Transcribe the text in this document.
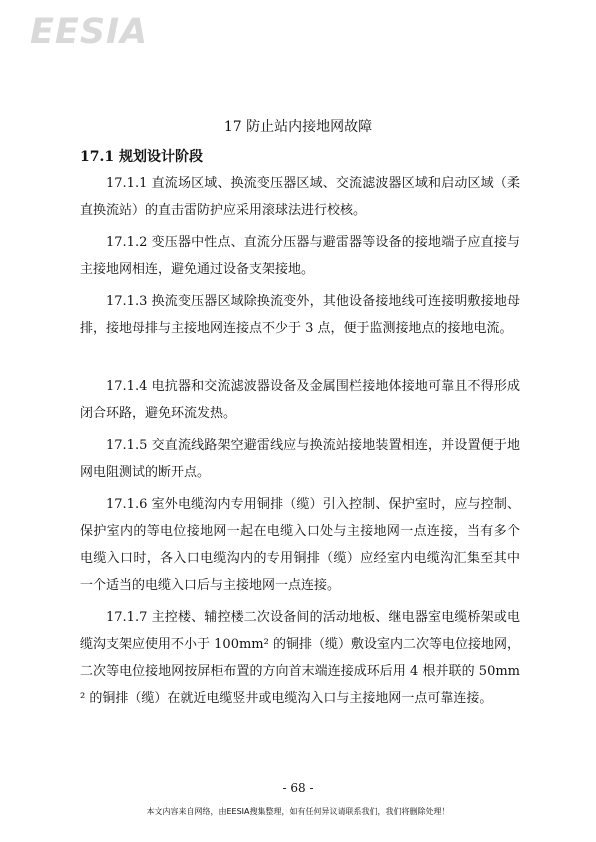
EESIA
17 防止站内接地网故障
17.1 规划设计阶段
17.1.1 直流场区域、换流变压器区域、交流滤波器区域和启动区域（柔直换流站）的直击雷防护应采用滚球法进行校核。
17.1.2 变压器中性点、直流分压器与避雷器等设备的接地端子应直接与主接地网相连，避免通过设备支架接地。
17.1.3 换流变压器区域除换流变外，其他设备接地线可连接明敷接地母排，接地母排与主接地网连接点不少于 3 点，便于监测接地点的接地电流。
17.1.4 电抗器和交流滤波器设备及金属围栏接地体接地可靠且不得形成闭合环路，避免环流发热。
17.1.5 交直流线路架空避雷线应与换流站接地装置相连，并设置便于地网电阻测试的断开点。
17.1.6 室外电缆沟内专用铜排（缆）引入控制、保护室时，应与控制、保护室内的等电位接地网一起在电缆入口处与主接地网一点连接，当有多个电缆入口时，各入口电缆沟内的专用铜排（缆）应经室内电缆沟汇集至其中一个适当的电缆入口后与主接地网一点连接。
17.1.7 主控楼、辅控楼二次设备间的活动地板、继电器室电缆桥架或电缆沟支架应使用不小于 100mm² 的铜排（缆）敷设室内二次等电位接地网，二次等电位接地网按屏柜布置的方向首末端连接成环后用 4 根并联的 50mm² 的铜排（缆）在就近电缆竖井或电缆沟入口与主接地网一点可靠连接。
- 68 -
本文内容来自网络，由EESIA搜集整理，如有任何异议请联系我们，我们将删除处理！
